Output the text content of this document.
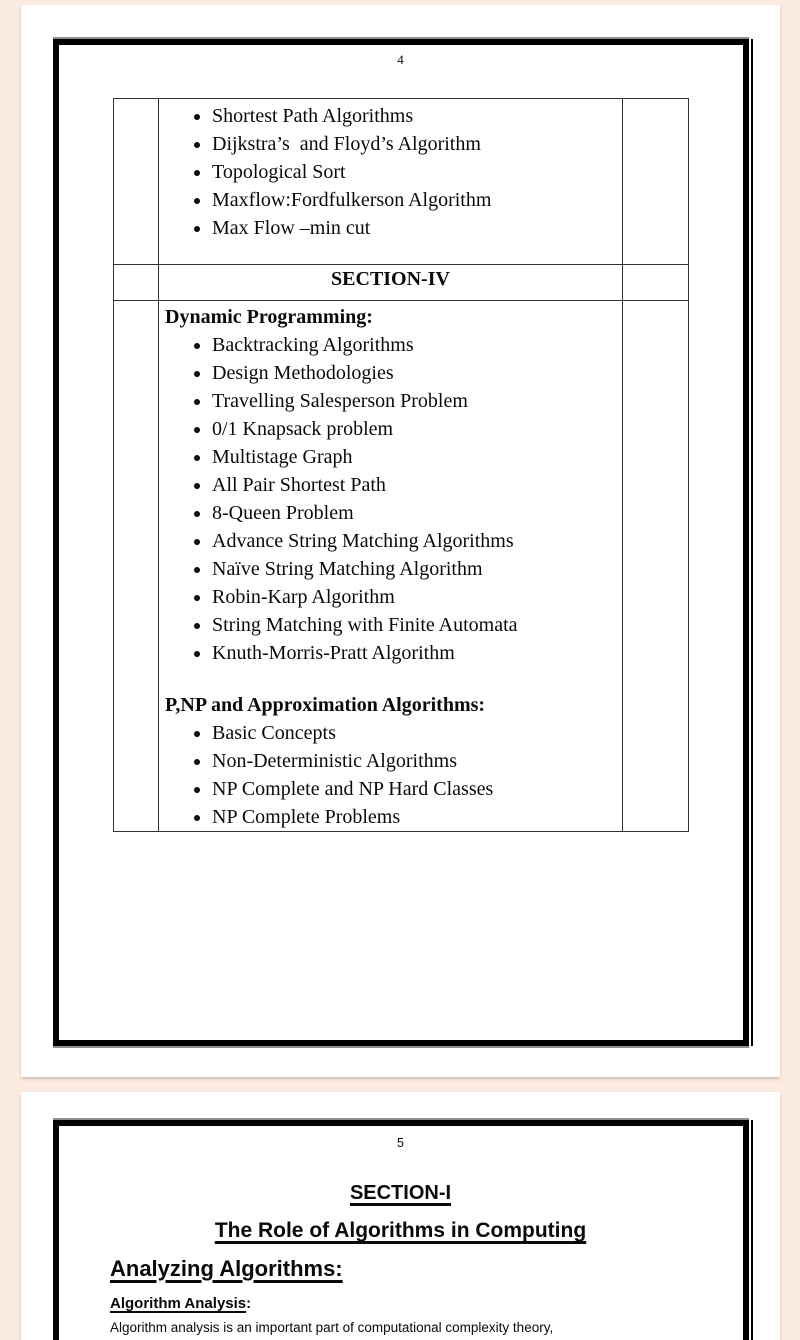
4

• Shortest Path Algorithms
• Dijkstra’s  and Floyd’s Algorithm
• Topological Sort
• Maxflow:Fordfulkerson Algorithm
• Max Flow –min cut

	SECTION-IV	

Dynamic Programming:
• Backtracking Algorithms
• Design Methodologies
• Travelling Salesperson Problem
• 0/1 Knapsack problem
• Multistage Graph
• All Pair Shortest Path
• 8-Queen Problem
• Advance String Matching Algorithms
• Naïve String Matching Algorithm
• Robin-Karp Algorithm
• String Matching with Finite Automata
• Knuth-Morris-Pratt Algorithm
P,NP and Approximation Algorithms:
• Basic Concepts
• Non-Deterministic Algorithms
• NP Complete and NP Hard Classes
• NP Complete Problems

5
SECTION-I
The Role of Algorithms in Computing
Analyzing Algorithms:
Algorithm Analysis:
Algorithm analysis is an important part of computational complexity theory,
